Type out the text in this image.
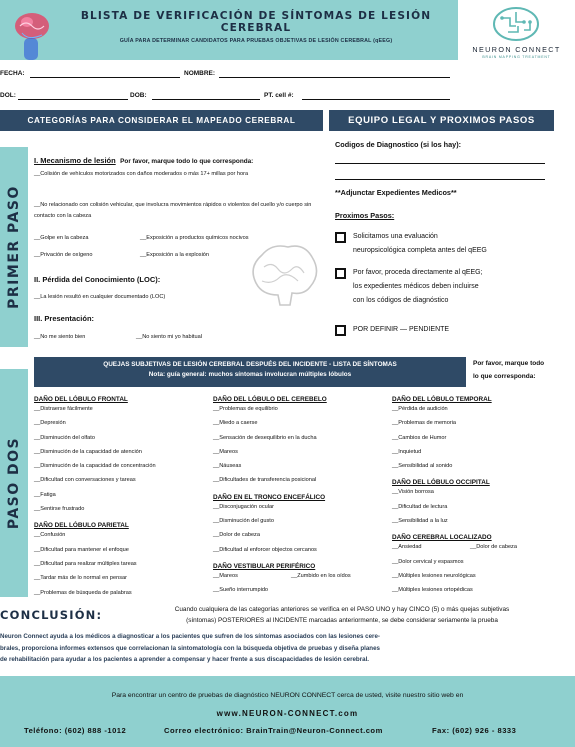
BLISTA DE VERIFICACIÓN DE SÍNTOMAS DE LESIÓN CEREBRAL
GUÍA PARA DETERMINAR CANDIDATOS PARA PRUEBAS OBJETIVAS DE LESIÓN CEREBRAL (qEEG)
NEURON CONNECT
BRAIN MAPPING TREATMENT
FECHA:	NOMBRE:
DOL:	DOB:	PT. cell #:
CATEGORÍAS PARA CONSIDERAR EL MAPEADO CEREBRAL	EQUIPO LEGAL Y PROXIMOS PASOS
PRIMER PASO
PASO DOS
I. Mecanismo de lesión Por favor, marque todo lo que corresponda:
__Colisión de vehículos motorizados con daños moderados o más 17+ millas por hora
__No relacionado con colisión vehicular, que involucra movimientos rápidos o violentos del cuello y/o cuerpo sin contacto con la cabeza
__Golpe en la cabeza	__Exposición a productos químicos nocivos
__Privación de oxígeno	__Exposición a la explosión
II. Pérdida del Conocimiento (LOC):
__La lesión resultó en cualquier documentado (LOC)
III. Presentación:
__No me siento bien	__No siento mi yo habitual
Codigos de Diagnostico (si los hay):
**Adjunctar Expedientes Medicos**
Proximos Pasos:
Solicitamos una evaluación
neuropsicológica completa antes del qEEG
Por favor, proceda directamente al qEEG;
los expedientes médicos deben incluirse
con los códigos de diagnóstico
POR DEFINIR — PENDIENTE
QUEJAS SUBJETIVAS DE LESIÓN CEREBRAL DESPUÉS DEL INCIDENTE - LISTA DE SÍNTOMAS
Nota: guía general: muchos síntomas involucran múltiples lóbulos
Por favor, marque todo
lo que corresponda:
DAÑO DEL LÓBULO FRONTAL
__Distraerse fácilmente
__Depresión
__Disminución del olfato
__Disminución de la capacidad de atención
__Disminución de la capacidad de concentración
__Dificultad con conversaciones y tareas
__Fatiga
__Sentirse frustrado
DAÑO DEL LÓBULO PARIETAL
__Confusión
__Dificultad para mantener el enfoque
__Dificultad para realizar múltiples tareas
__Tardar más de lo normal en pensar
__Problemas de búsqueda de palabras
DAÑO DEL LÓBULO DEL CEREBELO
__Problemas de equilibrio
__Miedo a caerse
__Sensación de desequilibrio en la ducha
__Mareos
__Náuseas
__Dificultades de transferencia posicional
DAÑO EN EL TRONCO ENCEFÁLICO
__Disconjugación ocular
__Disminución del gusto
__Dolor de cabeza
__Dificultad al enforcer objectos cercanos
DAÑO VESTIBULAR PERIFÉRICO
__Mareos	__Zumbido en los oídos
__Sueño interrumpido
DAÑO DEL LÓBULO TEMPORAL
__Pérdida de audición
__Problemas de memoria
__Cambios de Humor
__Inquietud
__Sensibilidad al sonido
DAÑO DEL LÓBULO OCCIPITAL
__Visión borrosa
__Dificultad de lectura
__Sensibilidad a la luz
DAÑO CEREBRAL LOCALIZADO
__Ansiedad	__Dolor de cabeza
__Dolor cervical y espasmos
__Múltiples lesiones neurológicas
__Múltiples lesiones ortopédicas
CONCLUSIÓN:	Cuando cualquiera de las categorías anteriores se verifica en el PASO UNO y hay CINCO (5) o más quejas subjetivas
(síntomas) POSTERIORES al INCIDENTE marcadas anteriormente, se debe considerar seriamente la prueba
Neuron Connect ayuda a los médicos a diagnosticar a los pacientes que sufren de los síntomas asociados con las lesiones cere-
brales, proporciona informes extensos que correlacionan la sintomatología con la búsqueda objetiva de pruebas y diseña planes
de rehabilitación para ayudar a los pacientes a aprender a compensar y hacer frente a sus discapacidades de lesión cerebral.
Para encontrar un centro de pruebas de diagnóstico NEURON CONNECT cerca de usted, visite nuestro sitio web en
www.NEURON-CONNECT.com
Teléfono: (602) 888 -1012	Correo electrónico: BrainTrain@Neuron-Connect.com	Fax: (602) 926 - 8333
